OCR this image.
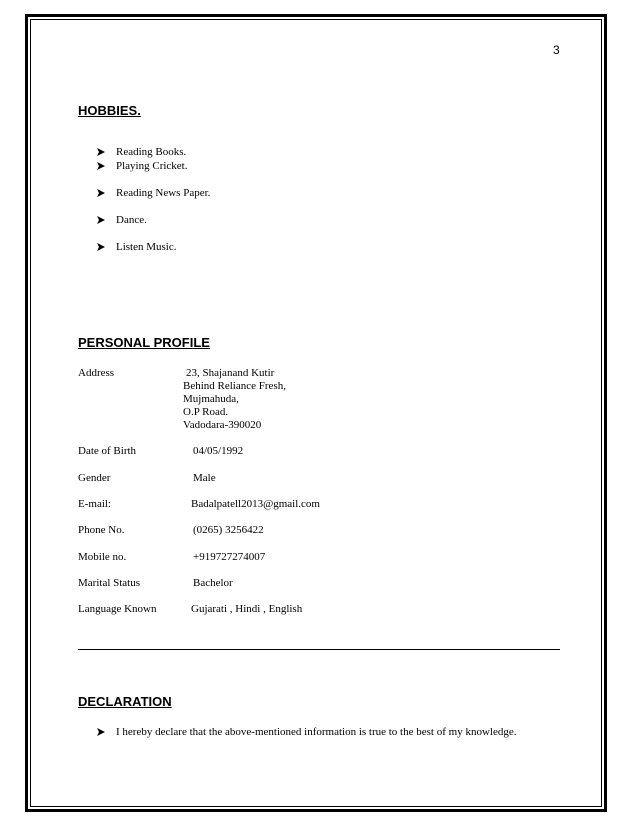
3
HOBBIES.
Reading Books.
Playing Cricket.
Reading News Paper.
Dance.
Listen Music.
PERSONAL PROFILE
Address	23, Shajanand Kutir
Behind Reliance Fresh,
Mujmahuda,
O.P Road.
Vadodara-390020
Date of Birth	04/05/1992
Gender	Male
E-mail:	Badalpatell2013@gmail.com
Phone No.	(0265) 3256422
Mobile no.	+919727274007
Marital Status	Bachelor
Language Known	Gujarati , Hindi , English
DECLARATION
I hereby declare that the above-mentioned information is true to the best of my knowledge.
